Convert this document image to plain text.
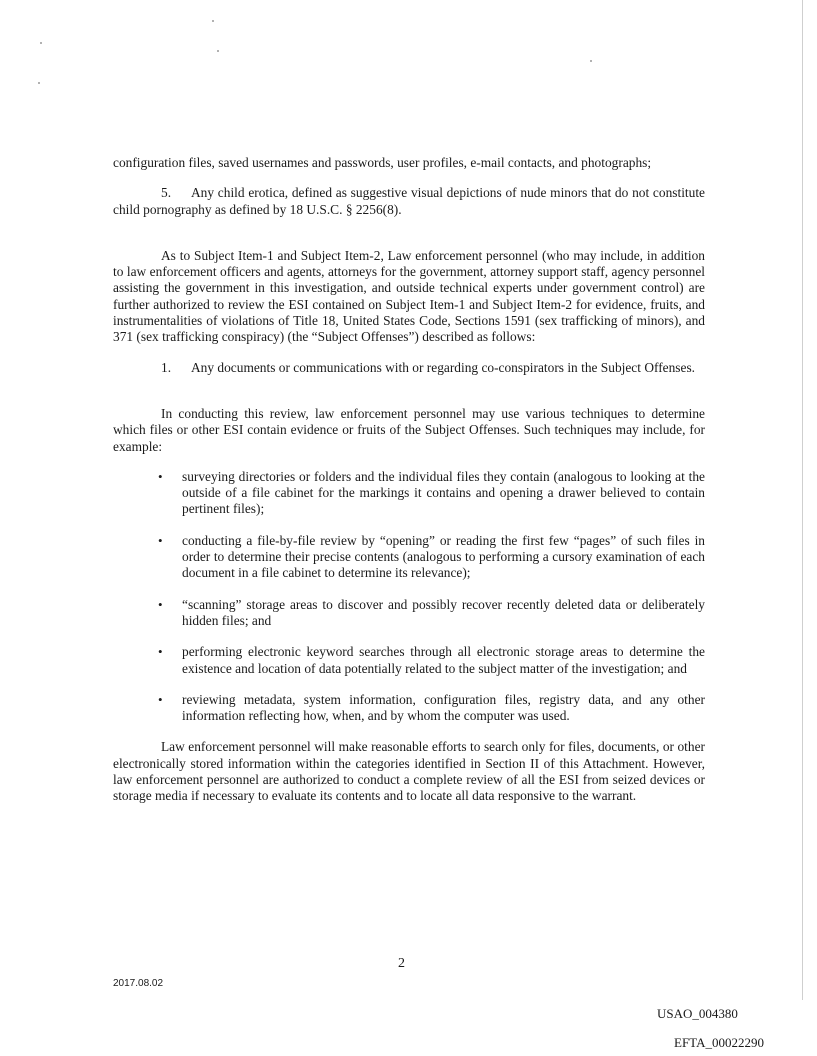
configuration files, saved usernames and passwords, user profiles, e-mail contacts, and photographs;

5. Any child erotica, defined as suggestive visual depictions of nude minors that do not constitute child pornography as defined by 18 U.S.C. § 2256(8).

As to Subject Item-1 and Subject Item-2, Law enforcement personnel (who may include, in addition to law enforcement officers and agents, attorneys for the government, attorney support staff, agency personnel assisting the government in this investigation, and outside technical experts under government control) are further authorized to review the ESI contained on Subject Item-1 and Subject Item-2 for evidence, fruits, and instrumentalities of violations of Title 18, United States Code, Sections 1591 (sex trafficking of minors), and 371 (sex trafficking conspiracy) (the “Subject Offenses”) described as follows:

1. Any documents or communications with or regarding co-conspirators in the Subject Offenses.

In conducting this review, law enforcement personnel may use various techniques to determine which files or other ESI contain evidence or fruits of the Subject Offenses. Such techniques may include, for example:

• surveying directories or folders and the individual files they contain (analogous to looking at the outside of a file cabinet for the markings it contains and opening a drawer believed to contain pertinent files);
• conducting a file-by-file review by “opening” or reading the first few “pages” of such files in order to determine their precise contents (analogous to performing a cursory examination of each document in a file cabinet to determine its relevance);
• “scanning” storage areas to discover and possibly recover recently deleted data or deliberately hidden files; and
• performing electronic keyword searches through all electronic storage areas to determine the existence and location of data potentially related to the subject matter of the investigation; and
• reviewing metadata, system information, configuration files, registry data, and any other information reflecting how, when, and by whom the computer was used.

Law enforcement personnel will make reasonable efforts to search only for files, documents, or other electronically stored information within the categories identified in Section II of this Attachment. However, law enforcement personnel are authorized to conduct a complete review of all the ESI from seized devices or storage media if necessary to evaluate its contents and to locate all data responsive to the warrant.

2
2017.08.02
USAO_004380
EFTA_00022290
